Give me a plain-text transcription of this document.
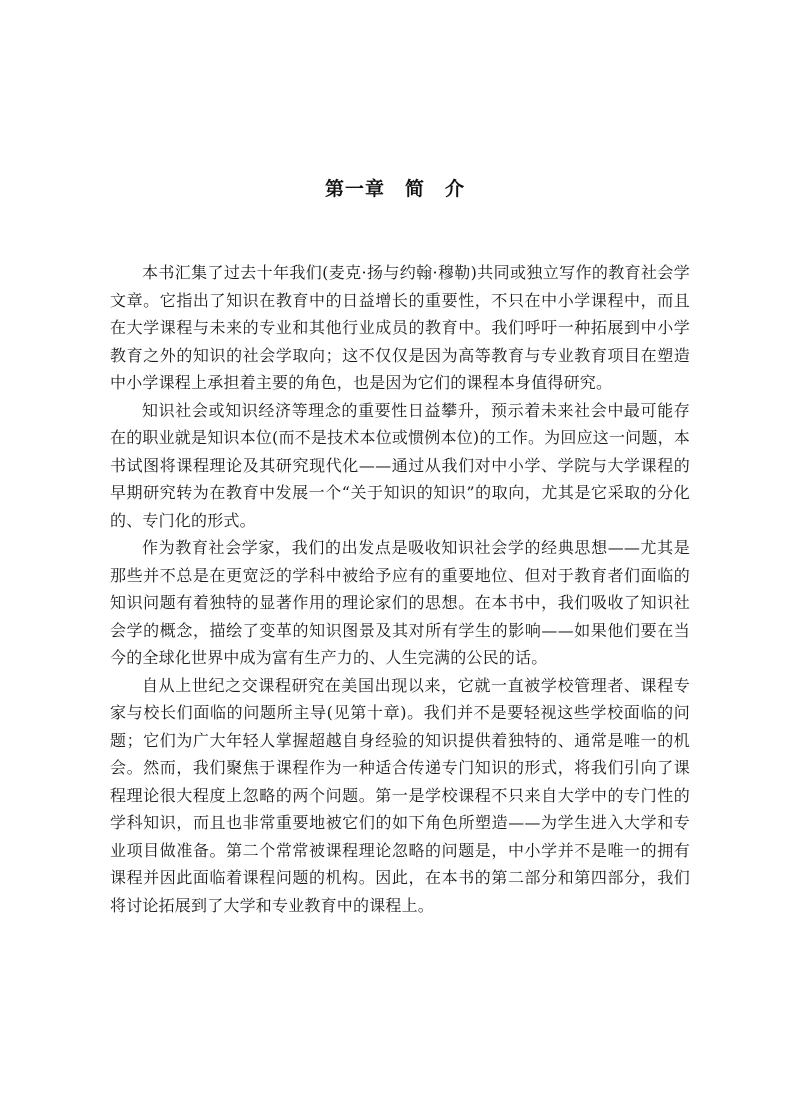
第一章　简　介

本书汇集了过去十年我们(麦克·扬与约翰·穆勒)共同或独立写作的教育社会学文章。它指出了知识在教育中的日益增长的重要性，不只在中小学课程中，而且在大学课程与未来的专业和其他行业成员的教育中。我们呼吁一种拓展到中小学教育之外的知识的社会学取向；这不仅仅是因为高等教育与专业教育项目在塑造中小学课程上承担着主要的角色，也是因为它们的课程本身值得研究。

知识社会或知识经济等理念的重要性日益攀升，预示着未来社会中最可能存在的职业就是知识本位(而不是技术本位或惯例本位)的工作。为回应这一问题，本书试图将课程理论及其研究现代化——通过从我们对中小学、学院与大学课程的早期研究转为在教育中发展一个“关于知识的知识”的取向，尤其是它采取的分化的、专门化的形式。

作为教育社会学家，我们的出发点是吸收知识社会学的经典思想——尤其是那些并不总是在更宽泛的学科中被给予应有的重要地位、但对于教育者们面临的知识问题有着独特的显著作用的理论家们的思想。在本书中，我们吸收了知识社会学的概念，描绘了变革的知识图景及其对所有学生的影响——如果他们要在当今的全球化世界中成为富有生产力的、人生完满的公民的话。

自从上世纪之交课程研究在美国出现以来，它就一直被学校管理者、课程专家与校长们面临的问题所主导(见第十章)。我们并不是要轻视这些学校面临的问题；它们为广大年轻人掌握超越自身经验的知识提供着独特的、通常是唯一的机会。然而，我们聚焦于课程作为一种适合传递专门知识的形式，将我们引向了课程理论很大程度上忽略的两个问题。第一是学校课程不只来自大学中的专门性的学科知识，而且也非常重要地被它们的如下角色所塑造——为学生进入大学和专业项目做准备。第二个常常被课程理论忽略的问题是，中小学并不是唯一的拥有课程并因此面临着课程问题的机构。因此，在本书的第二部分和第四部分，我们将讨论拓展到了大学和专业教育中的课程上。
